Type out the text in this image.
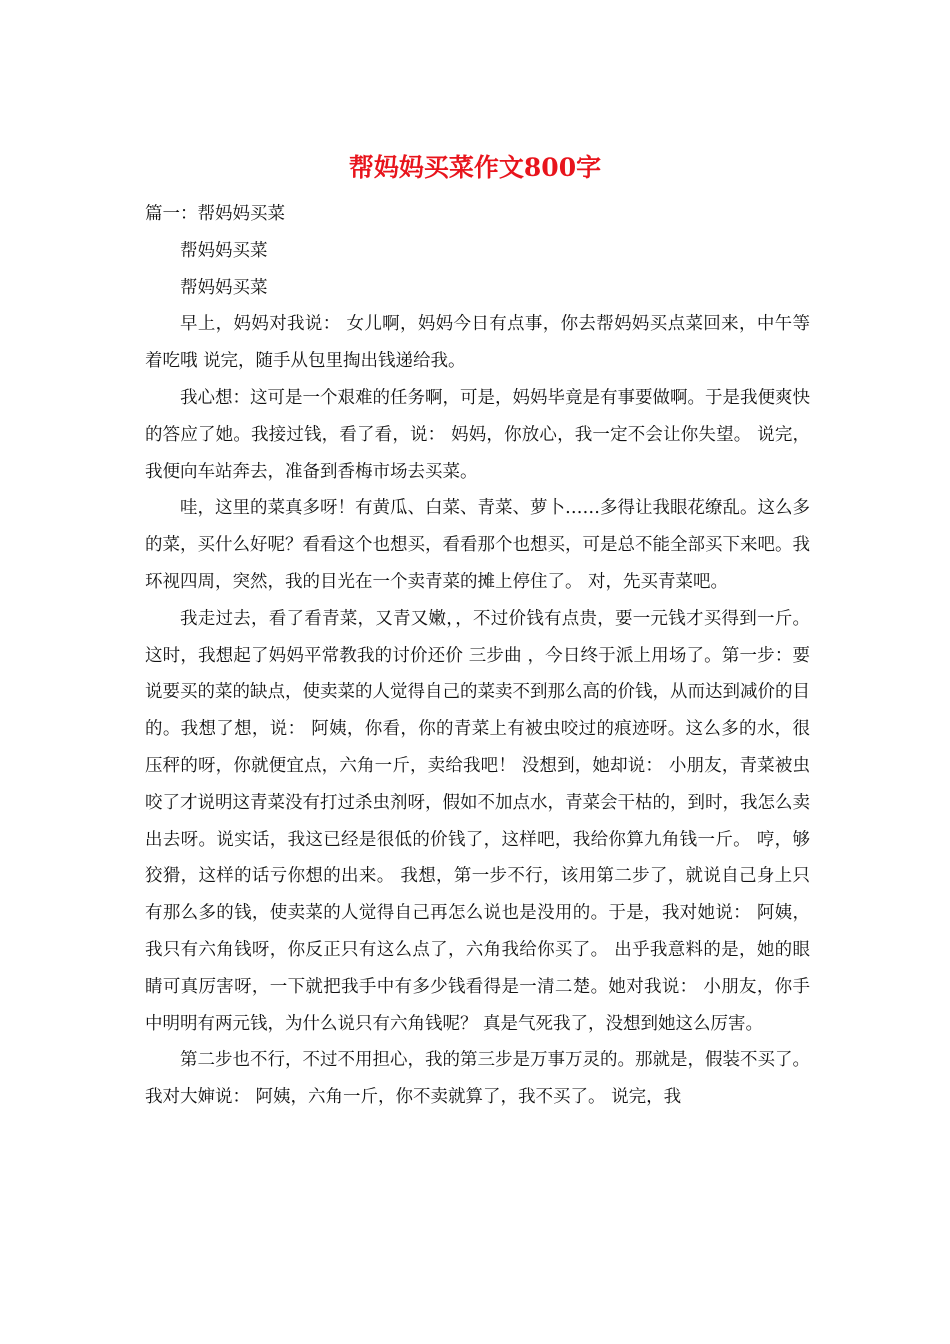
帮妈妈买菜作文800字

篇一：帮妈妈买菜

帮妈妈买菜

帮妈妈买菜

早上，妈妈对我说： 女儿啊，妈妈今日有点事，你去帮妈妈买点菜回来，中午等着吃哦 说完，随手从包里掏出钱递给我。

我心想：这可是一个艰难的任务啊，可是，妈妈毕竟是有事要做啊。于是我便爽快的答应了她。我接过钱，看了看，说： 妈妈，你放心，我一定不会让你失望。 说完，我便向车站奔去，准备到香梅市场去买菜。

哇，这里的菜真多呀！有黄瓜、白菜、青菜、萝卜……多得让我眼花缭乱。这么多的菜，买什么好呢？看看这个也想买，看看那个也想买，可是总不能全部买下来吧。我环视四周，突然，我的目光在一个卖青菜的摊上停住了。 对，先买青菜吧。

我走过去，看了看青菜，又青又嫩，，不过价钱有点贵，要一元钱才买得到一斤。这时，我想起了妈妈平常教我的讨价还价 三步曲 ，今日终于派上用场了。第一步：要说要买的菜的缺点，使卖菜的人觉得自己的菜卖不到那么高的价钱，从而达到减价的目的。我想了想，说： 阿姨，你看，你的青菜上有被虫咬过的痕迹呀。这么多的水，很压秤的呀，你就便宜点，六角一斤，卖给我吧！ 没想到，她却说： 小朋友，青菜被虫咬了才说明这青菜没有打过杀虫剂呀，假如不加点水，青菜会干枯的，到时，我怎么卖出去呀。说实话，我这已经是很低的价钱了，这样吧，我给你算九角钱一斤。 哼，够狡猾，这样的话亏你想的出来。 我想，第一步不行，该用第二步了，就说自己身上只有那么多的钱，使卖菜的人觉得自己再怎么说也是没用的。于是，我对她说： 阿姨，我只有六角钱呀，你反正只有这么点了，六角我给你买了。 出乎我意料的是，她的眼睛可真厉害呀，一下就把我手中有多少钱看得是一清二楚。她对我说： 小朋友，你手中明明有两元钱，为什么说只有六角钱呢？ 真是气死我了，没想到她这么厉害。

第二步也不行，不过不用担心，我的第三步是万事万灵的。那就是，假装不买了。我对大婶说： 阿姨，六角一斤，你不卖就算了，我不买了。 说完，我
